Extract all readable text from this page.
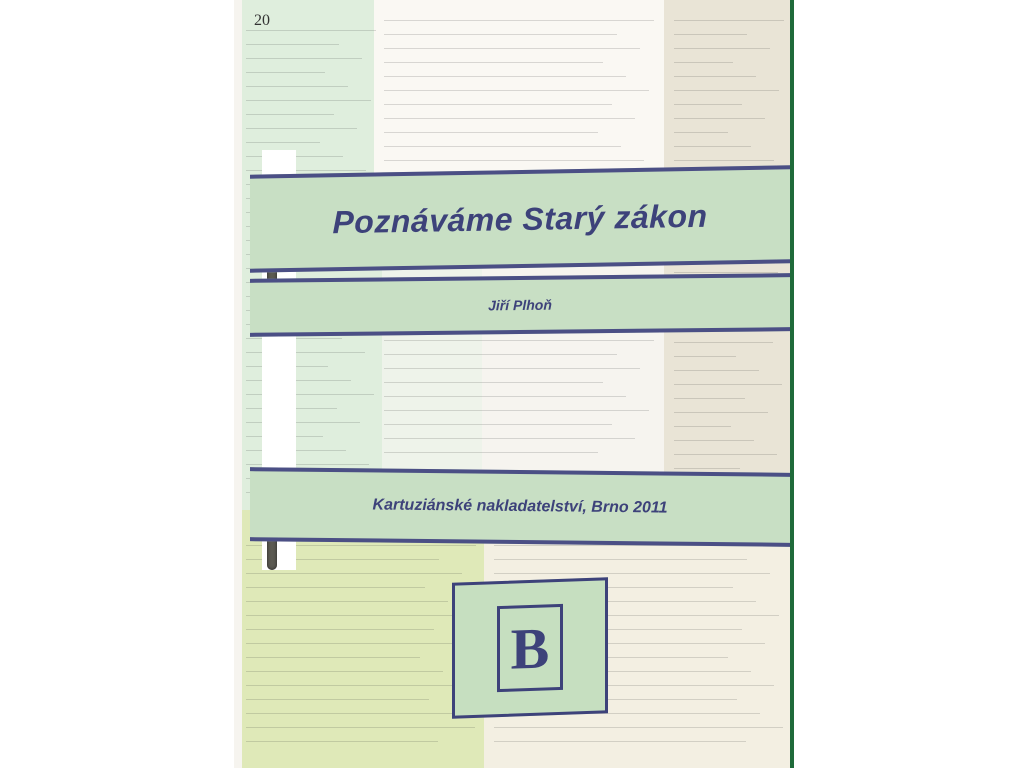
20
Poznáváme Starý zákon
Jiří Plhoň
Kartuziánské nakladatelství, Brno 2011
B
